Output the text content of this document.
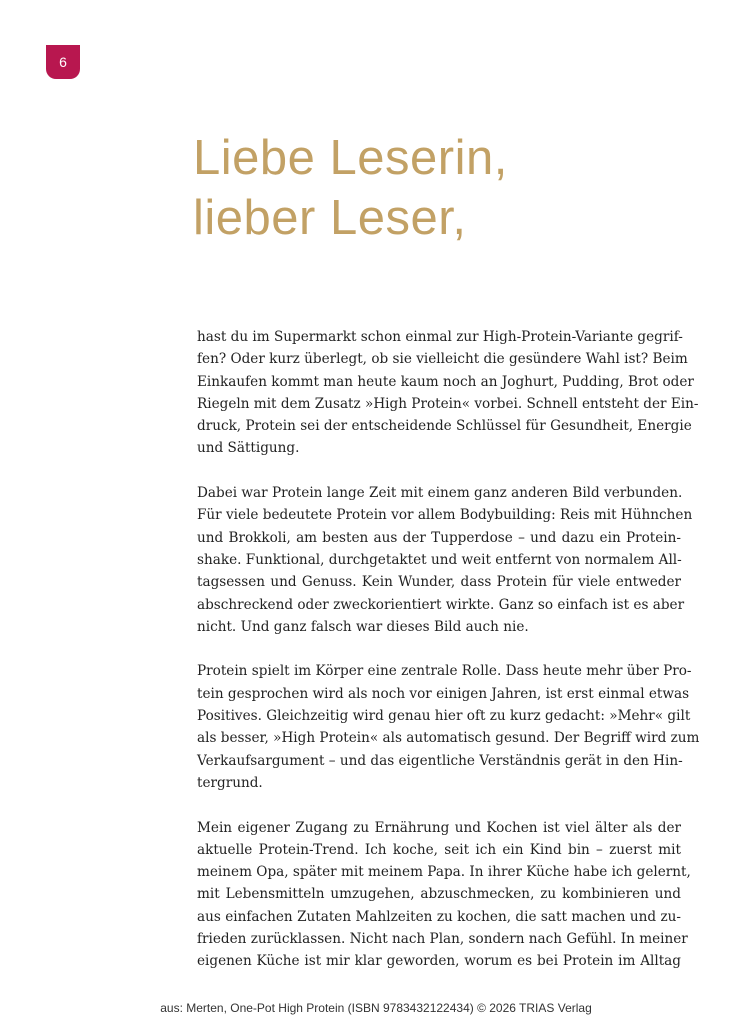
6
Liebe Leserin,
lieber Leser,

hast du im Supermarkt schon einmal zur High-Protein-Variante gegrif-
fen? Oder kurz überlegt, ob sie vielleicht die gesündere Wahl ist? Beim
Einkaufen kommt man heute kaum noch an Joghurt, Pudding, Brot oder
Riegeln mit dem Zusatz »High Protein« vorbei. Schnell entsteht der Ein-
druck, Protein sei der entscheidende Schlüssel für Gesundheit, Energie
und Sättigung.

Dabei war Protein lange Zeit mit einem ganz anderen Bild verbunden.
Für viele bedeutete Protein vor allem Bodybuilding: Reis mit Hühnchen
und Brokkoli, am besten aus der Tupperdose – und dazu ein Protein-
shake. Funktional, durchgetaktet und weit entfernt von normalem All-
tagsessen und Genuss. Kein Wunder, dass Protein für viele entweder
abschreckend oder zweckorientiert wirkte. Ganz so einfach ist es aber
nicht. Und ganz falsch war dieses Bild auch nie.

Protein spielt im Körper eine zentrale Rolle. Dass heute mehr über Pro-
tein gesprochen wird als noch vor einigen Jahren, ist erst einmal etwas
Positives. Gleichzeitig wird genau hier oft zu kurz gedacht: »Mehr« gilt
als besser, »High Protein« als automatisch gesund. Der Begriff wird zum
Verkaufsargument – und das eigentliche Verständnis gerät in den Hin-
tergrund.

Mein eigener Zugang zu Ernährung und Kochen ist viel älter als der
aktuelle Protein-Trend. Ich koche, seit ich ein Kind bin – zuerst mit
meinem Opa, später mit meinem Papa. In ihrer Küche habe ich gelernt,
mit Lebensmitteln umzugehen, abzuschmecken, zu kombinieren und
aus einfachen Zutaten Mahlzeiten zu kochen, die satt machen und zu-
frieden zurücklassen. Nicht nach Plan, sondern nach Gefühl. In meiner
eigenen Küche ist mir klar geworden, worum es bei Protein im Alltag

aus: Merten, One-Pot High Protein (ISBN 9783432122434) © 2026 TRIAS Verlag
